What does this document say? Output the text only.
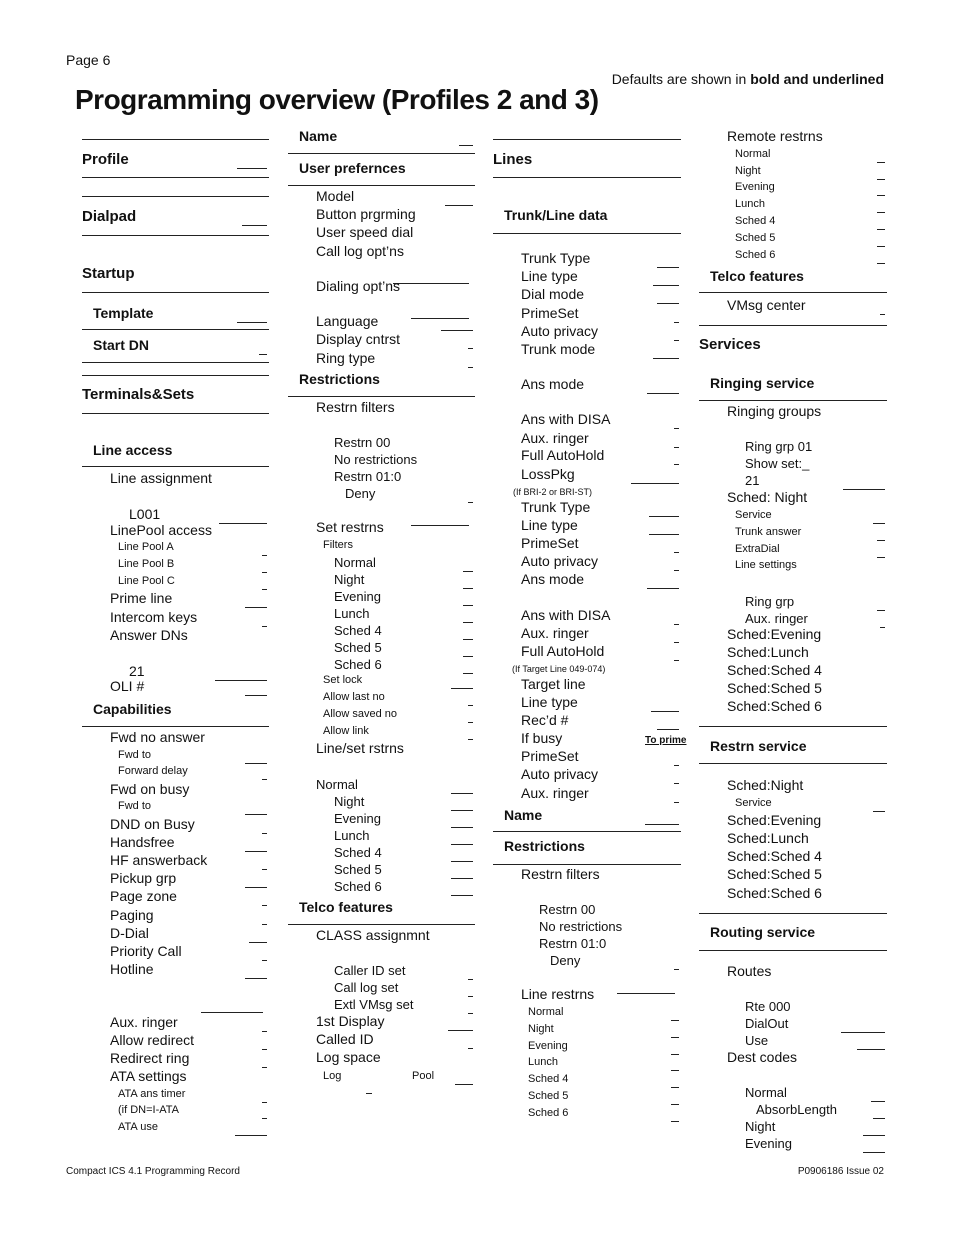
Page 6
Defaults are shown in bold and underlined
Programming overview (Profiles 2 and 3)
Profile
Dialpad
Startup
Template
Start DN
Terminals&Sets
Line access
Line assignment
L001
LinePool access
Line Pool A
Line Pool B
Line Pool C
Prime line
Intercom keys
Answer DNs
21
OLI #
Capabilities
Fwd no answer
Fwd to
Forward delay
Fwd on busy
Fwd to
DND on Busy
Handsfree
HF answerback
Pickup grp
Page zone
Paging
D-Dial
Priority Call
Hotline
Aux. ringer
Allow redirect
Redirect ring
ATA settings
ATA ans timer
(if DN=I-ATA
ATA use
Name
User prefernces
Model
Button prgrming
User speed dial
Call log opt’ns
Dialing opt’ns
Language
Display cntrst
Ring type
Restrictions
Restrn filters
Restrn 00
No restrictions
Restrn 01:0
Deny
Set restrns
Filters
Normal
Night
Evening
Lunch
Sched 4
Sched 5
Sched 6
Set lock
Allow last no
Allow saved no
Allow link
Line/set rstrns
Normal
Night
Evening
Lunch
Sched 4
Sched 5
Sched 6
Telco features
CLASS assignmnt
Caller ID set
Call log set
Extl VMsg set
1st Display
Called ID
Log space
Log	Pool
Lines
Trunk/Line data
Trunk Type
Line type
Dial mode
PrimeSet
Auto privacy
Trunk mode
Ans mode
Ans with DISA
Aux. ringer
Full AutoHold
LossPkg
(If BRI-2 or BRI-ST)
Trunk Type
Line type
PrimeSet
Auto privacy
Ans mode
Ans with DISA
Aux. ringer
Full AutoHold
(If Target Line 049-074)
Target line
Line type
Rec’d #
If busy	To prime
PrimeSet
Auto privacy
Aux. ringer
Name
Restrictions
Restrn filters
Restrn 00
No restrictions
Restrn 01:0
Deny
Line restrns
Normal
Night
Evening
Lunch
Sched 4
Sched 5
Sched 6
Remote restrns
Normal
Night
Evening
Lunch
Sched 4
Sched 5
Sched 6
Telco features
VMsg center
Services
Ringing service
Ringing groups
Ring grp 01
Show set:_
21
Sched: Night
Service
Trunk answer
ExtraDial
Line settings
Ring grp
Aux. ringer
Sched:Evening
Sched:Lunch
Sched:Sched 4
Sched:Sched 5
Sched:Sched 6
Restrn service
Sched:Night
Service
Sched:Evening
Sched:Lunch
Sched:Sched 4
Sched:Sched 5
Sched:Sched 6
Routing service
Routes
Rte 000
DialOut
Use
Dest codes
Normal
AbsorbLength
Night
Evening
Compact ICS 4.1 Programming Record	P0906186 Issue 02
